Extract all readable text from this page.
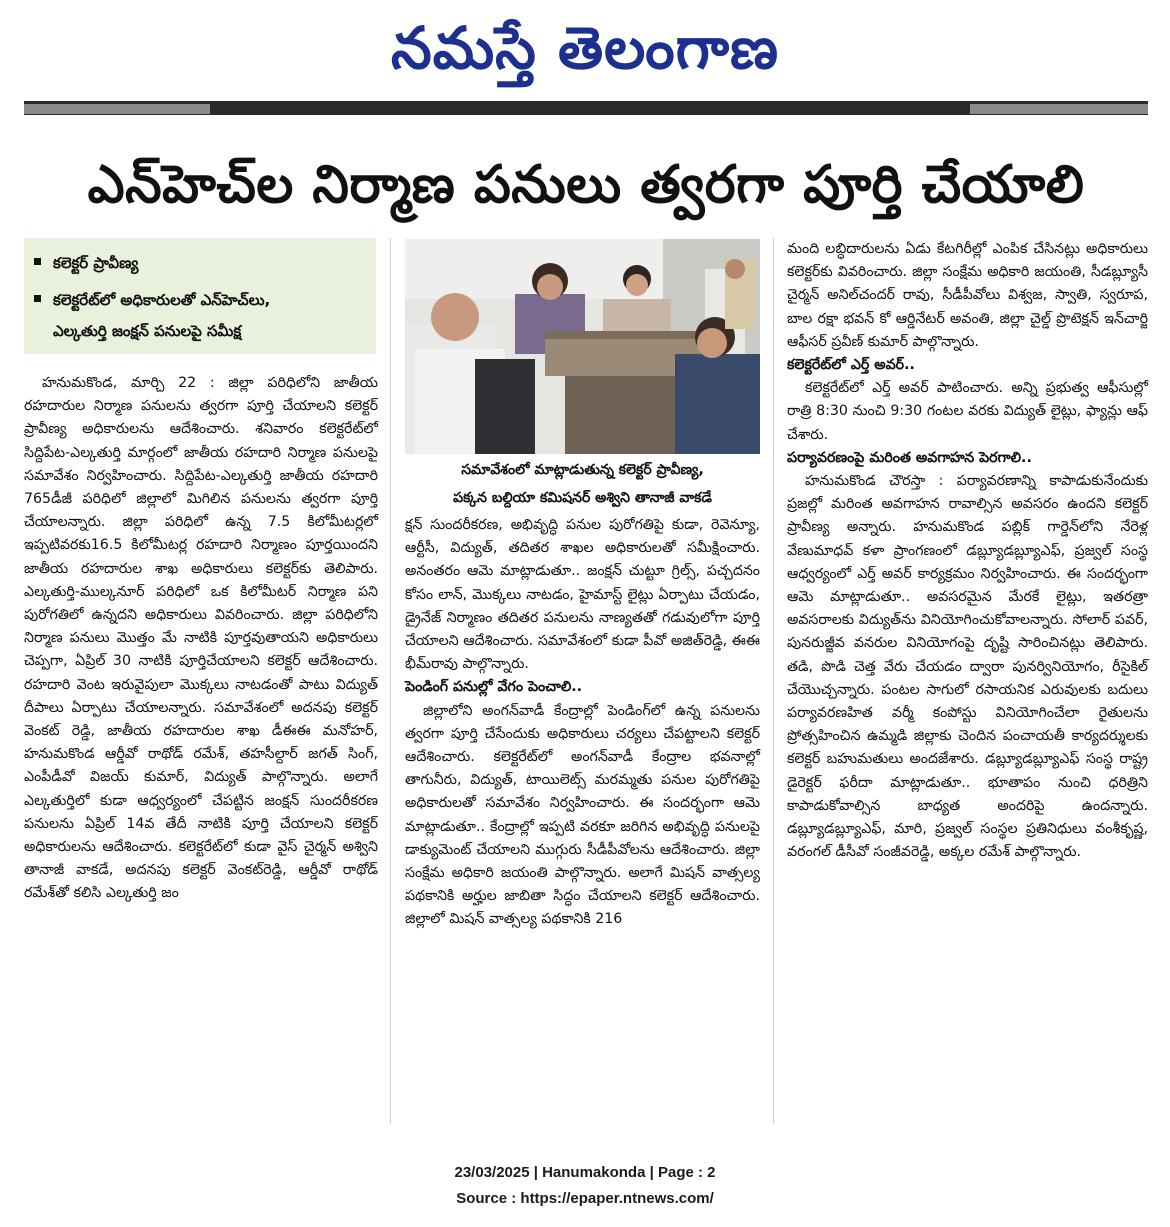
నమస్తే తెలంగాణ
ఎన్‌హెచ్‌ల నిర్మాణ పనులు త్వరగా పూర్తి చేయాలి
కలెక్టర్ ప్రావీణ్య
కలెక్టరేట్‌లో అధికారులతో ఎన్‌హెచ్‌లు,
ఎల్కతుర్తి జంక్షన్ పనులపై సమీక్ష
సమావేశంలో మాట్లాడుతున్న కలెక్టర్ ప్రావీణ్య,
పక్కన బల్దియా కమిషనర్ అశ్విని తానాజీ వాకడే

హనుమకొండ, మార్చి 22 : జిల్లా పరిధిలోని జాతీయ రహదారుల నిర్మాణ పనులను త్వరగా పూర్తి చేయాలని కలెక్టర్ ప్రావీణ్య అధికారులను ఆదేశించారు. శనివారం కలెక్టరేట్‌లో సిద్దిపేట-ఎల్కతుర్తి మార్గంలో జాతీయ రహదారి నిర్మాణ పనులపై సమావేశం నిర్వహించారు. సిద్దిపేట-ఎల్కతుర్తి జాతీయ రహదారి 765డీజీ పరిధిలో జిల్లాలో మిగిలిన పనులను త్వరగా పూర్తి చేయాలన్నారు. జిల్లా పరిధిలో ఉన్న 7.5 కిలోమీటర్లలో ఇప్పటివరకు16.5 కిలోమీటర్ల రహదారి నిర్మాణం పూర్తయిందని జాతీయ రహదారుల శాఖ అధికారులు కలెక్టర్‌కు తెలిపారు. ఎల్కతుర్తి-ముల్కనూర్ పరిధిలో ఒక కిలోమీటర్ నిర్మాణ పని పురోగతిలో ఉన్నదని అధికారులు వివరించారు. జిల్లా పరిధిలోని నిర్మాణ పనులు మొత్తం మే నాటికి పూర్తవుతాయని అధికారులు చెప్పగా, ఏప్రిల్ 30 నాటికి పూర్తిచేయాలని కలెక్టర్ ఆదేశించారు. రహదారి వెంట ఇరువైపులా మొక్కలు నాటడంతో పాటు విద్యుత్ దీపాలు ఏర్పాటు చేయాలన్నారు. సమావేశంలో అదనపు కలెక్టర్ వెంకట్ రెడ్డి, జాతీయ రహదారుల శాఖ డీఈఈ మనోహర్, హనుమకొండ ఆర్డీవో రాథోడ్ రమేశ్, తహసీల్దార్ జగత్ సింగ్, ఎంపీడీవో విజయ్ కుమార్, విద్యుత్ పాల్గొన్నారు. అలాగే ఎల్కతుర్తిలో కుడా ఆధ్వర్యంలో చేపట్టిన జంక్షన్ సుందరీకరణ పనులను ఏప్రిల్ 14వ తేదీ నాటికి పూర్తి చేయాలని కలెక్టర్ అధికారులను ఆదేశించారు. కలెక్టరేట్‌లో కుడా వైస్ చైర్మన్ అశ్విని తానాజీ వాకడే, అదనపు కలెక్టర్ వెంకట్‌రెడ్డి, ఆర్డీవో రాథోడ్ రమేశ్‌తో కలిసి ఎల్కతుర్తి జం

క్షన్ సుందరీకరణ, అభివృద్ధి పనుల పురోగతిపై కుడా, రెవెన్యూ, ఆర్టీసీ, విద్యుత్, తదితర శాఖల అధికారులతో సమీక్షించారు. అనంతరం ఆమె మాట్లాడుతూ.. జంక్షన్ చుట్టూ గ్రిల్స్, పచ్చదనం కోసం లాన్, మొక్కలు నాటడం, హైమాస్ట్ లైట్లు ఏర్పాటు చేయడం, డ్రైనేజ్ నిర్మాణం తదితర పనులను నాణ్యతతో గడువులోగా పూర్తి చేయాలని ఆదేశించారు. సమావేశంలో కుడా పీవో అజిత్‌రెడ్డి, ఈఈ భీమ్‌రావు పాల్గొన్నారు.

పెండింగ్ పనుల్లో వేగం పెంచాలి..

జిల్లాలోని అంగన్‌వాడీ కేంద్రాల్లో పెండింగ్‌లో ఉన్న పనులను త్వరగా పూర్తి చేసేందుకు అధికారులు చర్యలు చేపట్టాలని కలెక్టర్ ఆదేశించారు. కలెక్టరేట్‌లో అంగన్‌వాడీ కేంద్రాల భవనాల్లో తాగునీరు, విద్యుత్, టాయిలెట్స్ మరమ్మతు పనుల పురోగతిపై అధికారులతో సమావేశం నిర్వహించారు. ఈ సందర్భంగా ఆమె మాట్లాడుతూ.. కేంద్రాల్లో ఇప్పటి వరకూ జరిగిన అభివృద్ధి పనులపై డాక్యుమెంట్ చేయాలని ముగ్గురు సీడీపీవోలను ఆదేశించారు. జిల్లా సంక్షేమ అధికారి జయంతి పాల్గొన్నారు. అలాగే మిషన్ వాత్సల్య పథకానికి అర్హుల జాబితా సిద్ధం చేయాలని కలెక్టర్ ఆదేశించారు. జిల్లాలో మిషన్ వాత్సల్య పథకానికి 216

మంది లబ్ధిదారులను ఏడు కేటగిరీల్లో ఎంపిక చేసినట్లు అధికారులు కలెక్టర్‌కు వివరించారు. జిల్లా సంక్షేమ అధికారి జయంతి, సీడబ్ల్యూసీ చైర్మన్ అనిల్‌చందర్ రావు, సీడీపీవోలు విశ్వజ, స్వాతి, స్వరూప, బాల రక్షా భవన్ కో ఆర్డినేటర్ అవంతి, జిల్లా చైల్డ్ ప్రొటెక్షన్ ఇన్‌చార్జి ఆఫీసర్ ప్రవీణ్ కుమార్ పాల్గొన్నారు.

కలెక్టరేట్‌లో ఎర్త్ అవర్..

కలెక్టరేట్‌లో ఎర్త్ అవర్ పాటించారు. అన్ని ప్రభుత్వ ఆఫీసుల్లో రాత్రి 8:30 నుంచి 9:30 గంటల వరకు విద్యుత్ లైట్లు, ఫ్యాన్లు ఆఫ్ చేశారు.

పర్యావరణంపై మరింత అవగాహన పెరగాలి..

హనుమకొండ చౌరస్తా : పర్యావరణాన్ని కాపాడుకునేందుకు ప్రజల్లో మరింత అవగాహన రావాల్సిన అవసరం ఉందని కలెక్టర్ ప్రావీణ్య అన్నారు. హనుమకొండ పబ్లిక్ గార్డెన్‌లోని నేరెళ్ల వేణుమాధవ్ కళా ప్రాంగణంలో డబ్ల్యూడబ్ల్యూఎఫ్, ప్రజ్వల్ సంస్థ ఆధ్వర్యంలో ఎర్త్ అవర్ కార్యక్రమం నిర్వహించారు. ఈ సందర్భంగా ఆమె మాట్లాడుతూ.. అవసరమైన మేరకే లైట్లు, ఇతరత్రా అవసరాలకు విద్యుత్‌ను వినియోగించుకోవాలన్నారు. సోలార్ పవర్, పునరుజ్జీవ వనరుల వినియోగంపై దృష్టి సారించినట్లు తెలిపారు. తడి, పొడి చెత్త వేరు చేయడం ద్వారా పునర్వినియోగం, రీసైకిల్ చేయొచ్చన్నారు. పంటల సాగులో రసాయనిక ఎరువులకు బదులు పర్యావరణహిత వర్మీ కంపోస్టు వినియోగించేలా రైతులను ప్రోత్సహించిన ఉమ్మడి జిల్లాకు చెందిన పంచాయతీ కార్యదర్శులకు కలెక్టర్ బహుమతులు అందజేశారు. డబ్ల్యూడబ్ల్యూఎఫ్ సంస్థ రాష్ట్ర డైరెక్టర్ ఫరీదా మాట్లాడుతూ.. భూతాపం నుంచి ధరిత్రిని కాపాడుకోవాల్సిన బాధ్యత అందరిపై ఉందన్నారు. డబ్ల్యూడబ్ల్యూఎఫ్, మారి, ప్రజ్వల్ సంస్థల ప్రతినిధులు వంశీకృష్ణ, వరంగల్ డీసీవో సంజీవరెడ్డి, అక్కల రమేశ్ పాల్గొన్నారు.

23/03/2025 | Hanumakonda | Page : 2
Source : https://epaper.ntnews.com/
